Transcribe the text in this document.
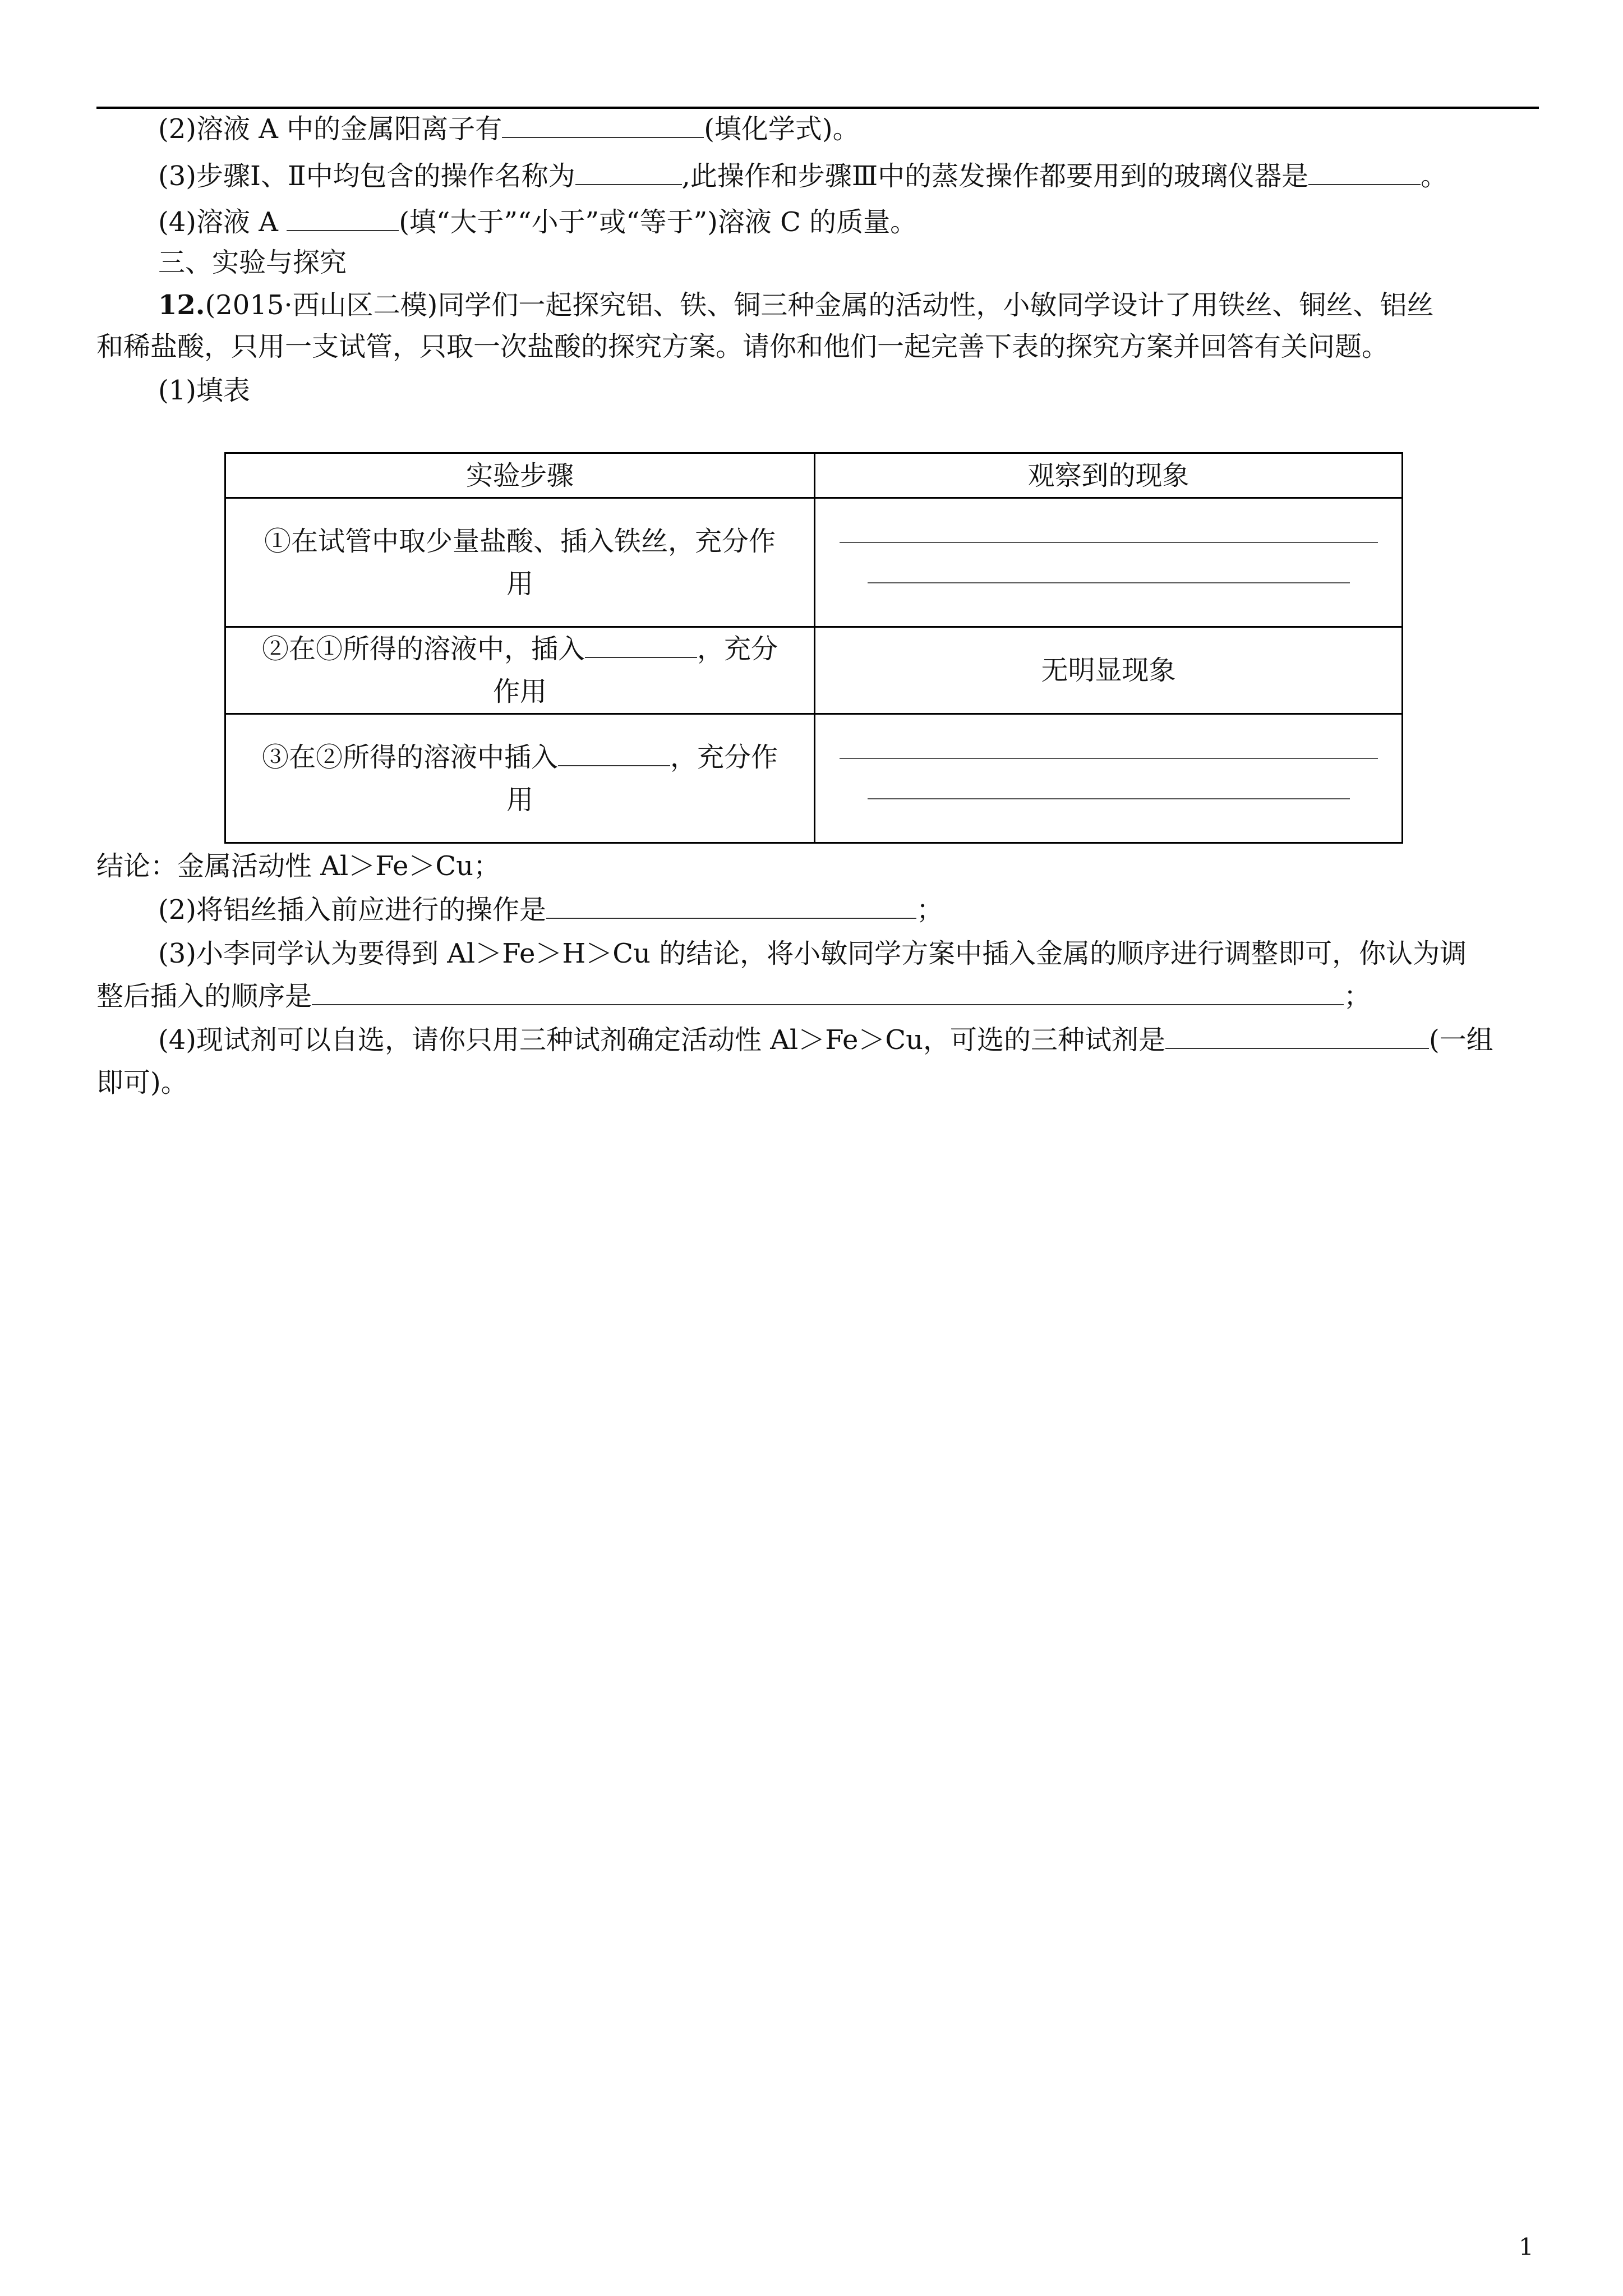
(2)溶液 A 中的金属阳离子有	(填化学式)。
(3)步骤Ⅰ、Ⅱ中均包含的操作名称为	,此操作和步骤Ⅲ中的蒸发操作都要用到的玻璃仪器是	。
(4)溶液 A	(填“大于”“小于”或“等于”)溶液 C 的质量。
三、实验与探究
12.(2015·西山区二模)同学们一起探究铝、铁、铜三种金属的活动性，小敏同学设计了用铁丝、铜丝、铝丝
和稀盐酸，只用一支试管，只取一次盐酸的探究方案。请你和他们一起完善下表的探究方案并回答有关问题。
(1)填表
实验步骤	观察到的现象

①在试管中取少量盐酸、插入铁丝，充分作
用	

②在①所得的溶液中，插入 ，充分
作用	无明显现象

③在②所得的溶液中插入 ，充分作
用	

结论：金属活动性 Al＞Fe＞Cu；
(2)将铝丝插入前应进行的操作是	；
(3)小李同学认为要得到 Al＞Fe＞H＞Cu 的结论，将小敏同学方案中插入金属的顺序进行调整即可，你认为调
整后插入的顺序是	；
(4)现试剂可以自选，请你只用三种试剂确定活动性 Al＞Fe＞Cu，可选的三种试剂是	(一组
即可)。
1
